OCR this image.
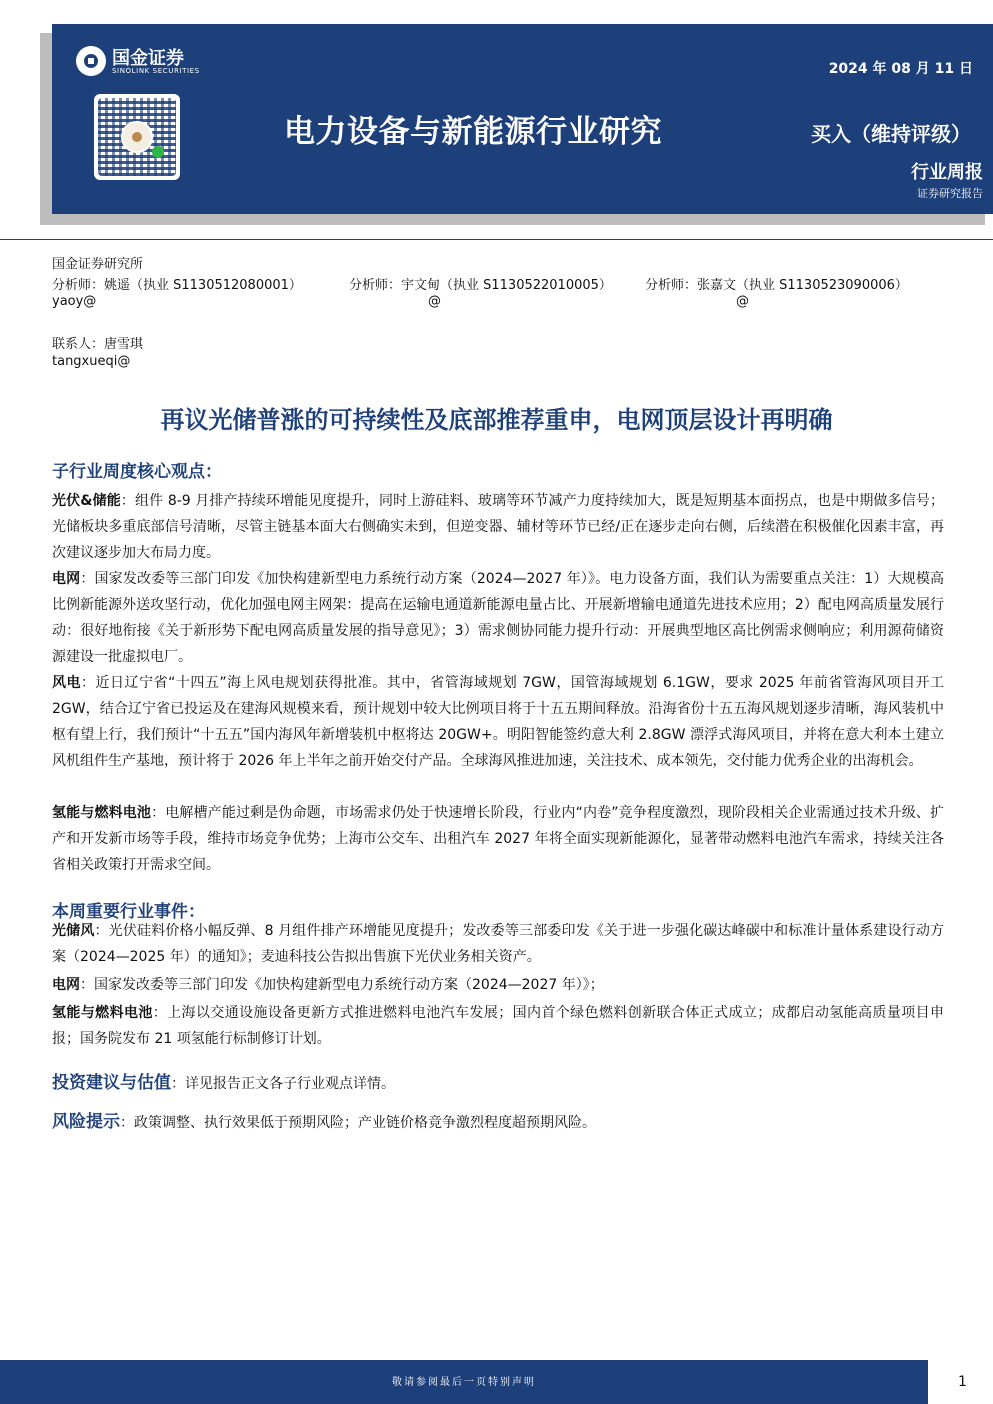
国金证券
SINOLINK SECURITIES
电力设备与新能源行业研究
2024 年 08 月 11 日
买入（维持评级）
行业周报
证券研究报告
国金证券研究所
分析师：姚遥（执业 S1130512080001）
yaoy@
分析师：宇文甸（执业 S1130522010005）
@
分析师：张嘉文（执业 S1130523090006）
@
联系人：唐雪琪
tangxueqi@
再议光储普涨的可持续性及底部推荐重申，电网顶层设计再明确
子行业周度核心观点：
光伏&储能：组件 8-9 月排产持续环增能见度提升，同时上游硅料、玻璃等环节减产力度持续加大，既是短期基本面拐点，也是中期做多信号；光储板块多重底部信号清晰，尽管主链基本面大右侧确实未到，但逆变器、辅材等环节已经/正在逐步走向右侧，后续潜在积极催化因素丰富，再次建议逐步加大布局力度。
电网：国家发改委等三部门印发《加快构建新型电力系统行动方案（2024—2027 年）》。电力设备方面，我们认为需要重点关注：1）大规模高比例新能源外送攻坚行动，优化加强电网主网架：提高在运输电通道新能源电量占比、开展新增输电通道先进技术应用；2）配电网高质量发展行动：很好地衔接《关于新形势下配电网高质量发展的指导意见》；3）需求侧协同能力提升行动：开展典型地区高比例需求侧响应；利用源荷储资源建设一批虚拟电厂。
风电：近日辽宁省“十四五”海上风电规划获得批准。其中，省管海域规划 7GW，国管海域规划 6.1GW，要求 2025 年前省管海风项目开工 2GW，结合辽宁省已投运及在建海风规模来看，预计规划中较大比例项目将于十五五期间释放。沿海省份十五五海风规划逐步清晰，海风装机中枢有望上行，我们预计“十五五”国内海风年新增装机中枢将达 20GW+。明阳智能签约意大利 2.8GW 漂浮式海风项目，并将在意大利本土建立风机组件生产基地，预计将于 2026 年上半年之前开始交付产品。全球海风推进加速，关注技术、成本领先，交付能力优秀企业的出海机会。
氢能与燃料电池：电解槽产能过剩是伪命题，市场需求仍处于快速增长阶段，行业内“内卷”竞争程度激烈，现阶段相关企业需通过技术升级、扩产和开发新市场等手段，维持市场竞争优势；上海市公交车、出租汽车 2027 年将全面实现新能源化，显著带动燃料电池汽车需求，持续关注各省相关政策打开需求空间。
本周重要行业事件：
光储风：光伏硅料价格小幅反弹、8 月组件排产环增能见度提升；发改委等三部委印发《关于进一步强化碳达峰碳中和标准计量体系建设行动方案（2024—2025 年）的通知》；麦迪科技公告拟出售旗下光伏业务相关资产。
电网：国家发改委等三部门印发《加快构建新型电力系统行动方案（2024—2027 年）》；
氢能与燃料电池：上海以交通设施设备更新方式推进燃料电池汽车发展；国内首个绿色燃料创新联合体正式成立；成都启动氢能高质量项目申报；国务院发布 21 项氢能行标制修订计划。
投资建议与估值：详见报告正文各子行业观点详情。
风险提示：政策调整、执行效果低于预期风险；产业链价格竞争激烈程度超预期风险。
敬请参阅最后一页特别声明	1
